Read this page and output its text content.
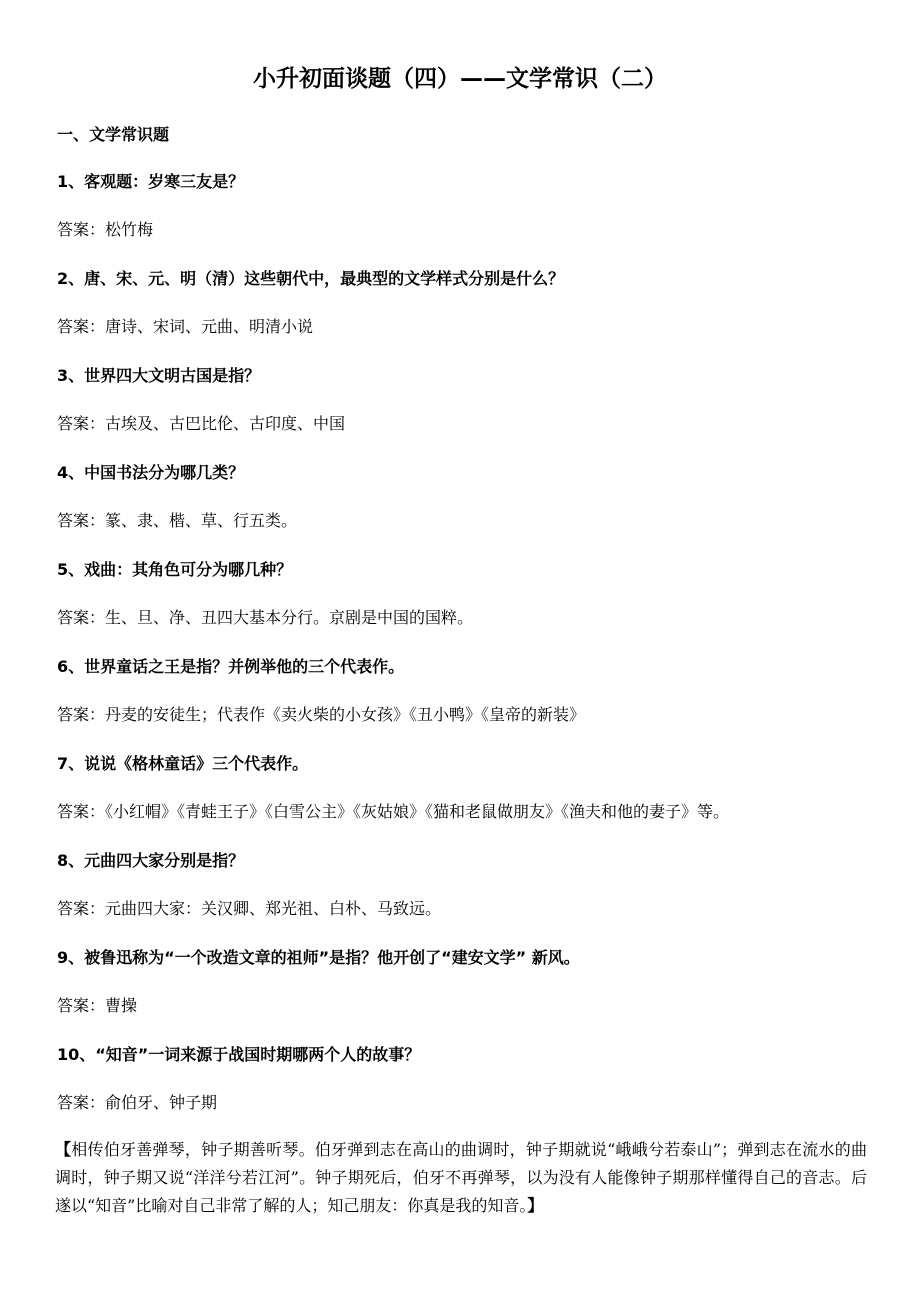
小升初面谈题（四）——文学常识（二）
一、文学常识题
1、客观题：岁寒三友是？
答案：松竹梅
2、唐、宋、元、明（清）这些朝代中，最典型的文学样式分别是什么？
答案：唐诗、宋词、元曲、明清小说
3、世界四大文明古国是指？
答案：古埃及、古巴比伦、古印度、中国
4、中国书法分为哪几类？
答案：篆、隶、楷、草、行五类。
5、戏曲：其角色可分为哪几种？
答案：生、旦、净、丑四大基本分行。京剧是中国的国粹。
6、世界童话之王是指？并例举他的三个代表作。
答案：丹麦的安徒生；代表作《卖火柴的小女孩》《丑小鸭》《皇帝的新装》
7、说说《格林童话》三个代表作。
答案：《小红帽》《青蛙王子》《白雪公主》《灰姑娘》《猫和老鼠做朋友》《渔夫和他的妻子》等。
8、元曲四大家分别是指？
答案：元曲四大家：关汉卿、郑光祖、白朴、马致远。
9、被鲁迅称为“一个改造文章的祖师”是指？他开创了“建安文学” 新风。
答案：曹操
10、“知音”一词来源于战国时期哪两个人的故事？
答案：俞伯牙、钟子期
【相传伯牙善弹琴，钟子期善听琴。伯牙弹到志在高山的曲调时，钟子期就说“峨峨兮若泰山”；弹到志在流水的曲调时，钟子期又说“洋洋兮若江河”。钟子期死后，伯牙不再弹琴，以为没有人能像钟子期那样懂得自己的音志。后遂以“知音”比喻对自己非常了解的人；知己朋友：你真是我的知音。】
